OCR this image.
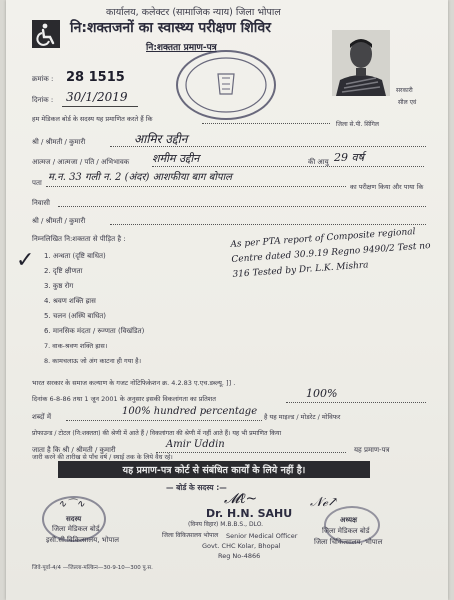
कार्यालय, कलेक्टर (सामाजिक न्याय) जिला भोपाल
नि:शक्तजनों का स्वास्थ्य परीक्षण शिविर
नि:शक्तता प्रमाण-पत्र
सरकारी
सील एवं
जिला से.पी. सिंगिल
क्रमांक : 28 1515
दिनांक : 30/1/2019
हम मेडिकल बोर्ड के सदस्य यह प्रमाणित करते हैं कि
श्री / श्रीमती / कुमारी	आमिर उद्दीन
आत्मज / आत्मजा / पति / अभिभावक शमीम उद्दीन	की आयु 29 वर्ष
पता म.न. 33 गली न. 2 (अंदर) आशफीया बाग बोपाल
का परीक्षण किया और पाया कि
निवासी
श्री / श्रीमती / कुमारी
निम्नलिखित नि:शक्तता से पीड़ित है :
✓ 1. अन्धता (दृष्टि बाधित)
2. दृष्टि क्षीणता
3. कुष्ठ रोग
4. श्रवण शक्ति ह्रास
5. चलन (अस्थि बाधित)
6. मानसिक मंदता / रूग्णता (विखंडित)
7. वाक-श्रवण शक्ति ह्रास।
8. कामचलाऊ जो अंग काटना ही गया है।
As per PTA report of Composite regional Centre dated 30.9.19 Regno 9490/2 Test no 316 Tested by Dr. L.K. Mishra
भारत सरकार के समाज कल्याण के गजट नोटिफिकेशन क्र. 4.2.83 ए.एच.डब्ल्यू. ]] .
दिनांक 6-8-86 तथा 1 जून 2001 के अनुसार इसकी विकलांगता का प्रतिशत	100%
शब्दों में	100% hundred percentage है यह माइल्ड / मोडरेट / मोविफर
प्रोफाउन्ड / टोटल (नि:शक्तता) की श्रेणी में आते हैं / विकलांगता की श्रेणी में नहीं आते हैं। यह भी प्रमाणित किया
जाता है कि श्री / श्रीमती / कुमारी	Amir Uddin	यह प्रमाण-पत्र
यह प्रमाण-पत्र कोर्ट से संबंधित कार्यों के लिये नहीं है।
— बोर्ड के सदस्य :—
∿⌒∿
सदस्य
जिला मेडिकल बोर्ड
इसी.सी.विकित्सालय, भोपाल
𝓜ℓ~
Dr. H.N. SAHU
(विनय विहार) M.B.B.S., DLO.
जिला विकित्सालय भोपाल Senior Medical Officer
Govt. CHC Kolar, Bhopal
Reg No-4866
𝒩ℯ↗
अध्यक्ष
जिला मेडिकल बोर्ड
जिला चिकित्सालय, भोपाल
जिवे-पूर्वा-4/4 —जिल्ला-मल्किन—30-9-10—300 पु.स.
जारी करने की तारीख से पाँच वर्ष / स्थाई तक के लिये वैध रहे।
